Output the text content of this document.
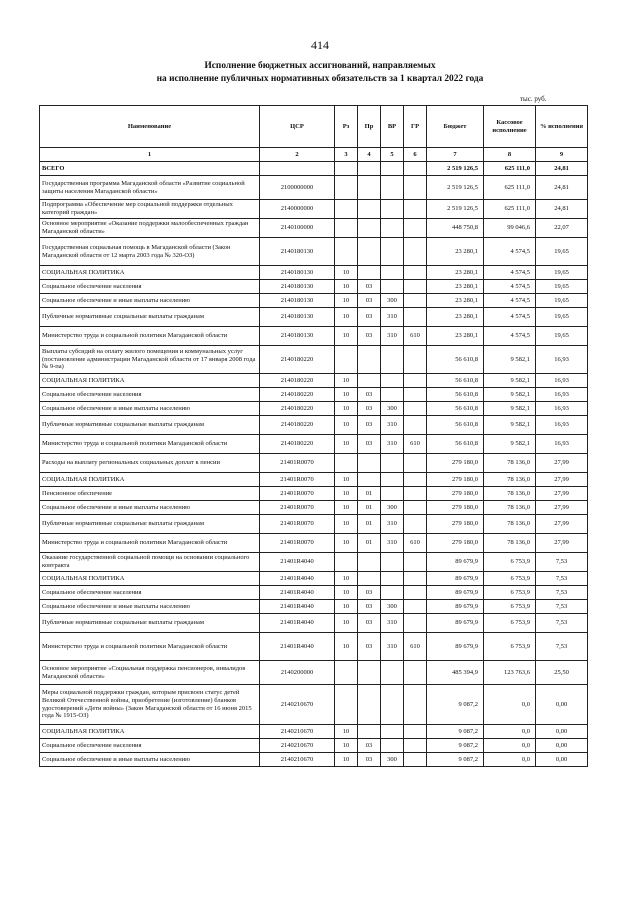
414
Исполнение бюджетных ассигнований, направляемых
на исполнение публичных нормативных обязательств за 1 квартал 2022 года
тыс. руб.
Наименование	ЦСР	Рз	Пр	ВР	ГР	Бюджет	Кассовое исполнение	% исполнения
1	2	3	4	5	6	7	8	9
ВСЕГО						2 519 126,5	625 111,0	24,81
Государственная программа Магаданской области «Развитие социальной защиты населения Магаданской области»	2100000000					2 519 126,5	625 111,0	24,81
Подпрограмма «Обеспечение мер социальной поддержки отдельных категорий граждан»	2140000000					2 519 126,5	625 111,0	24,81
Основное мероприятие «Оказание поддержки малообеспеченных граждан Магаданской области»	2140100000					448 750,8	99 046,6	22,07
Государственная социальная помощь в Магаданской области (Закон Магаданской области от 12 марта 2003 года № 320-ОЗ)	2140180130					23 280,1	4 574,5	19,65
СОЦИАЛЬНАЯ ПОЛИТИКА	2140180130	10				23 280,1	4 574,5	19,65
Социальное обеспечение населения	2140180130	10	03			23 280,1	4 574,5	19,65
Социальное обеспечение и иные выплаты населению	2140180130	10	03	300		23 280,1	4 574,5	19,65
Публичные нормативные социальные выплаты гражданам	2140180130	10	03	310		23 280,1	4 574,5	19,65
Министерство труда и социальной политики Магаданской области	2140180130	10	03	310	610	23 280,1	4 574,5	19,65
Выплаты субсидий на оплату жилого помещения и коммунальных услуг (постановление администрации Магаданской области от 17 января 2008 года № 9-па)	2140180220					56 610,8	9 582,1	16,93
СОЦИАЛЬНАЯ ПОЛИТИКА	2140180220	10				56 610,8	9 582,1	16,93
Социальное обеспечение населения	2140180220	10	03			56 610,8	9 582,1	16,93
Социальное обеспечение и иные выплаты населению	2140180220	10	03	300		56 610,8	9 582,1	16,93
Публичные нормативные социальные выплаты гражданам	2140180220	10	03	310		56 610,8	9 582,1	16,93
Министерство труда и социальной политики Магаданской области	2140180220	10	03	310	610	56 610,8	9 582,1	16,93
Расходы на выплату региональных социальных доплат к пенсии	21401R0070					279 180,0	78 136,0	27,99
СОЦИАЛЬНАЯ ПОЛИТИКА	21401R0070	10				279 180,0	78 136,0	27,99
Пенсионное обеспечение	21401R0070	10	01			279 180,0	78 136,0	27,99
Социальное обеспечение и иные выплаты населению	21401R0070	10	01	300		279 180,0	78 136,0	27,99
Публичные нормативные социальные выплаты гражданам	21401R0070	10	01	310		279 180,0	78 136,0	27,99
Министерство труда и социальной политики Магаданской области	21401R0070	10	01	310	610	279 180,0	78 136,0	27,99
Оказание государственной социальной помощи на основании социального контракта	21401R4040					89 679,9	6 753,9	7,53
СОЦИАЛЬНАЯ ПОЛИТИКА	21401R4040	10				89 679,9	6 753,9	7,53
Социальное обеспечение населения	21401R4040	10	03			89 679,9	6 753,9	7,53
Социальное обеспечение и иные выплаты населению	21401R4040	10	03	300		89 679,9	6 753,9	7,53
Публичные нормативные социальные выплаты гражданам	21401R4040	10	03	310		89 679,9	6 753,9	7,53
Министерство труда и социальной политики Магаданской области	21401R4040	10	03	310	610	89 679,9	6 753,9	7,53
Основное мероприятие «Социальная поддержка пенсионеров, инвалидов Магаданской области»	2140200000					485 394,9	123 763,6	25,50
Меры социальной поддержки граждан, которым присвоен статус детей Великой Отечественной войны, приобретение (изготовление) бланков удостоверений «Дети войны» (Закон Магаданской области от 16 июня 2015 года № 1915-ОЗ)	2140210670					9 087,2	0,0	0,00
СОЦИАЛЬНАЯ ПОЛИТИКА	2140210670	10				9 087,2	0,0	0,00
Социальное обеспечение населения	2140210670	10	03			9 087,2	0,0	0,00
Социальное обеспечение и иные выплаты населению	2140210670	10	03	300		9 087,2	0,0	0,00
